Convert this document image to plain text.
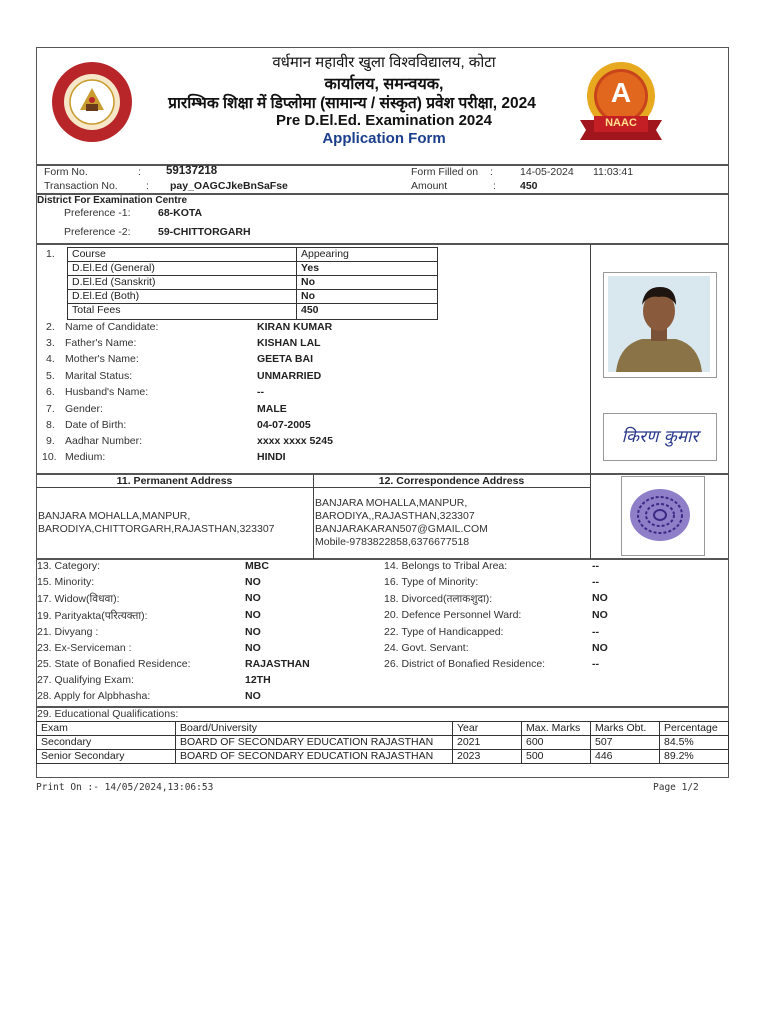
A
NAAC
वर्धमान महावीर खुला विश्वविद्यालय, कोटा
कार्यालय, समन्वयक,
प्रारम्भिक शिक्षा में डिप्लोमा (सामान्य / संस्कृत) प्रवेश परीक्षा, 2024
Pre D.El.Ed. Examination 2024
Application Form
Form No.	: 59137218
Transaction No.	: pay_OAGCJkeBnSaFse
Form Filled on :	14-05-2024 11:03:41
Amount	: 450
District For Examination Centre
Preference -1:	68-KOTA
Preference -2:	59-CHITTORGARH
1.	Course	Appearing
D.El.Ed (General)	Yes
D.El.Ed (Sanskrit)	No
D.El.Ed (Both)	No
Total Fees	450
2. Name of Candidate:	KIRAN KUMAR
3. Father's Name:	KISHAN LAL
4. Mother's Name:	GEETA BAI
5. Marital Status:	UNMARRIED
6. Husband's Name:	--
7. Gender:	MALE
8. Date of Birth:	04-07-2005
9. Aadhar Number:	xxxx xxxx 5245
10. Medium:	HINDI
किरण कुमार
11. Permanent Address	12. Correspondence Address
BANJARA MOHALLA,MANPUR,
BARODIYA,CHITTORGARH,RAJASTHAN,323307
BANJARA MOHALLA,MANPUR,
BARODIYA,,RAJASTHAN,323307
BANJARAKARAN507@GMAIL.COM
Mobile-9783822858,6376677518
13. Category:	MBC	14. Belongs to Tribal Area:	--
15. Minority:	NO	16. Type of Minority:	--
17. Widow(विधवा):	NO	18. Divorced(तलाकशुदा):	NO
19. Parityakta(परित्यक्ता):	NO	20. Defence Personnel Ward:	NO
21. Divyang :	NO	22. Type of Handicapped:	--
23. Ex-Serviceman :	NO	24. Govt. Servant:	NO
25. State of Bonafied Residence:	RAJASTHAN	26. District of Bonafied Residence:	--
27. Qualifying Exam:	12TH
28. Apply for Alpbhasha:	NO
29. Educational Qualifications:
Exam	Board/University	Year	Max. Marks	Marks Obt.	Percentage
Secondary	BOARD OF SECONDARY EDUCATION RAJASTHAN	2021	600	507	84.5%
Senior Secondary	BOARD OF SECONDARY EDUCATION RAJASTHAN	2023	500	446	89.2%
Print On :- 14/05/2024,13:06:53	Page 1/2
